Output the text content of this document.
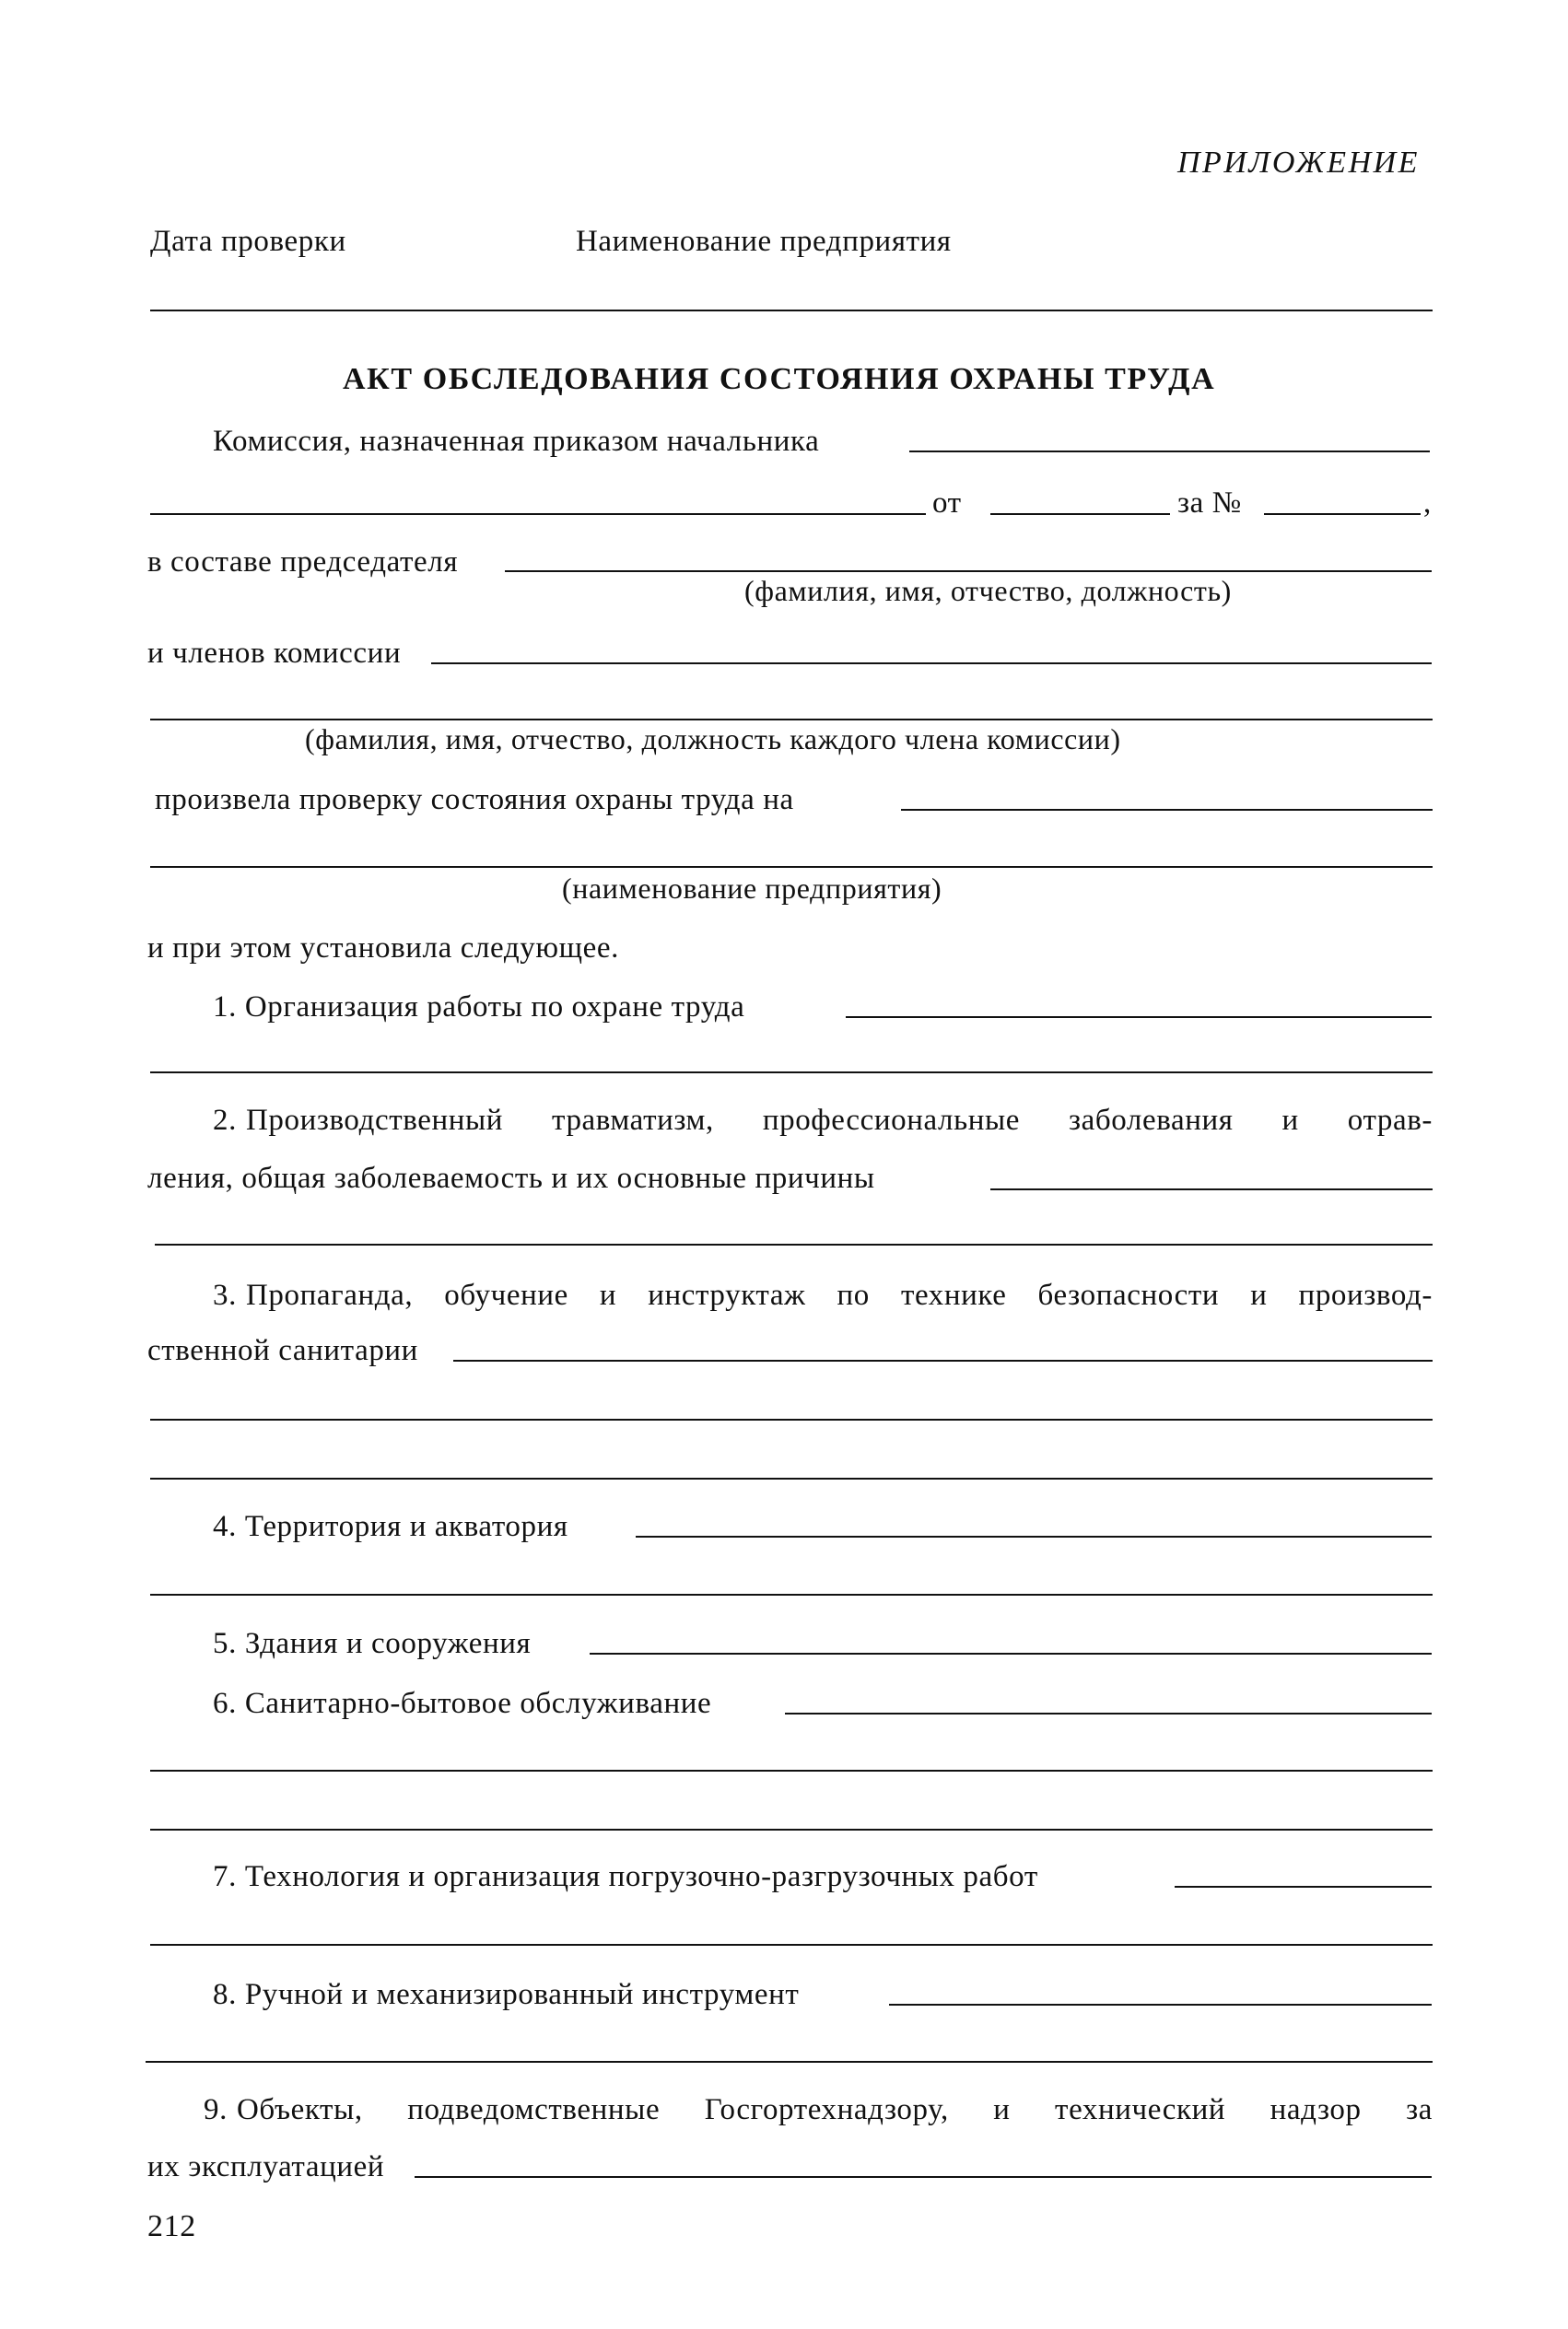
ПРИЛОЖЕНИЕ
Дата проверки	Наименование предприятия
АКТ ОБСЛЕДОВАНИЯ СОСТОЯНИЯ ОХРАНЫ ТРУДА
Комиссия, назначенная приказом начальника
от	за №	,
в составе председателя
(фамилия, имя, отчество, должность)
и членов комиссии
(фамилия, имя, отчество, должность каждого члена комиссии)
произвела проверку состояния охраны труда на
(наименование предприятия)
и при этом установила следующее.
1. Организация работы по охране труда
2. Производственный травматизм, профессиональные заболевания и отрав-
ления, общая заболеваемость и их основные причины
3. Пропаганда, обучение и инструктаж по технике безопасности и производ-
ственной санитарии
4. Территория и акватория
5. Здания и сооружения
6. Санитарно-бытовое обслуживание
7. Технология и организация погрузочно-разгрузочных работ
8. Ручной и механизированный инструмент
9. Объекты, подведомственные Госгортехнадзору, и технический надзор за
их эксплуатацией
212
